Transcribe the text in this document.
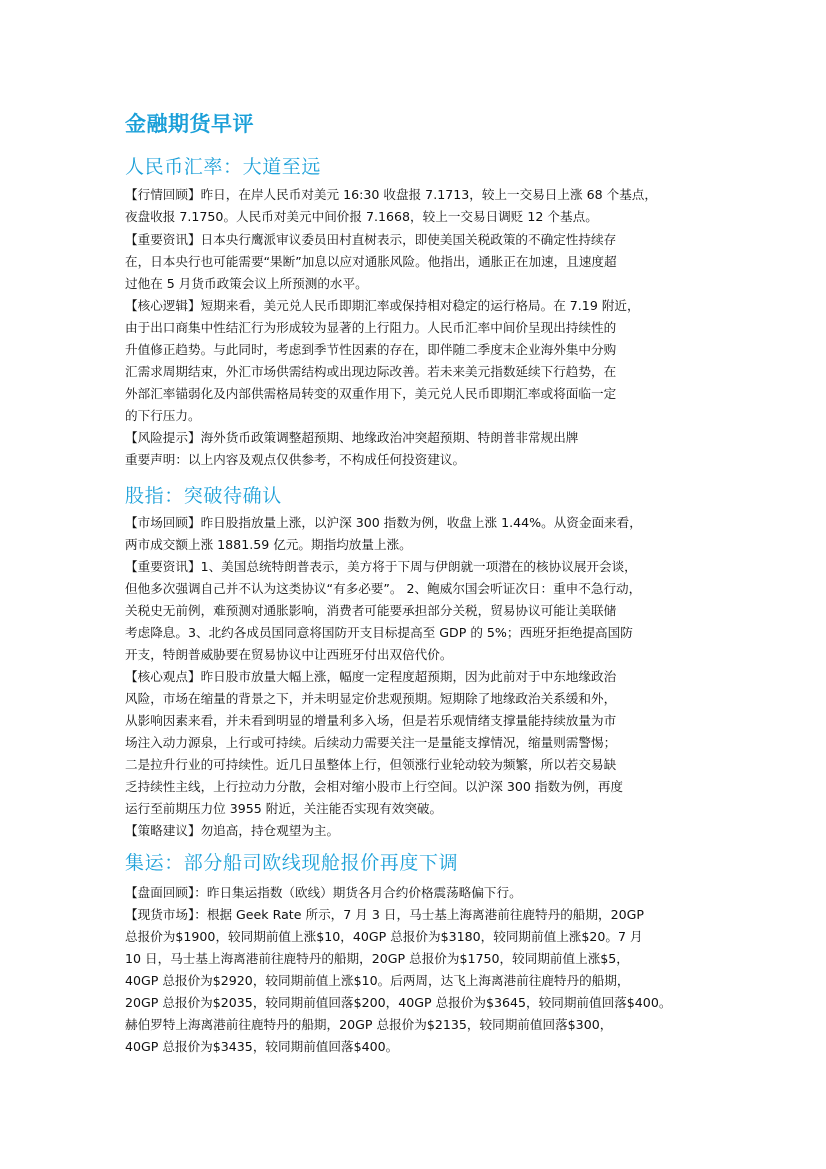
金融期货早评
人民币汇率：大道至远
【行情回顾】昨日，在岸人民币对美元 16:30 收盘报 7.1713，较上一交易日上涨 68 个基点，
夜盘收报 7.1750。人民币对美元中间价报 7.1668，较上一交易日调贬 12 个基点。
【重要资讯】日本央行鹰派审议委员田村直树表示，即使美国关税政策的不确定性持续存
在，日本央行也可能需要“果断”加息以应对通胀风险。他指出，通胀正在加速，且速度超
过他在 5 月货币政策会议上所预测的水平。
【核心逻辑】短期来看，美元兑人民币即期汇率或保持相对稳定的运行格局。在 7.19 附近，
由于出口商集中性结汇行为形成较为显著的上行阻力。人民币汇率中间价呈现出持续性的
升值修正趋势。与此同时，考虑到季节性因素的存在，即伴随二季度末企业海外集中分购
汇需求周期结束，外汇市场供需结构或出现边际改善。若未来美元指数延续下行趋势，在
外部汇率锚弱化及内部供需格局转变的双重作用下，美元兑人民币即期汇率或将面临一定
的下行压力。
【风险提示】海外货币政策调整超预期、地缘政治冲突超预期、特朗普非常规出牌
重要声明：以上内容及观点仅供参考，不构成任何投资建议。
股指：突破待确认
【市场回顾】昨日股指放量上涨，以沪深 300 指数为例，收盘上涨 1.44%。从资金面来看，
两市成交额上涨 1881.59 亿元。期指均放量上涨。
【重要资讯】1、美国总统特朗普表示，美方将于下周与伊朗就一项潜在的核协议展开会谈，
但他多次强调自己并不认为这类协议“有多必要”。 2、鲍威尔国会听证次日：重申不急行动，
关税史无前例，难预测对通胀影响，消费者可能要承担部分关税，贸易协议可能让美联储
考虑降息。3、北约各成员国同意将国防开支目标提高至 GDP 的 5%；西班牙拒绝提高国防
开支，特朗普威胁要在贸易协议中让西班牙付出双倍代价。
【核心观点】昨日股市放量大幅上涨，幅度一定程度超预期，因为此前对于中东地缘政治
风险，市场在缩量的背景之下，并未明显定价悲观预期。短期除了地缘政治关系缓和外，
从影响因素来看，并未看到明显的增量利多入场，但是若乐观情绪支撑量能持续放量为市
场注入动力源泉，上行或可持续。后续动力需要关注一是量能支撑情况，缩量则需警惕；
二是拉升行业的可持续性。近几日虽整体上行，但领涨行业轮动较为频繁，所以若交易缺
乏持续性主线，上行拉动力分散，会相对缩小股市上行空间。以沪深 300 指数为例，再度
运行至前期压力位 3955 附近，关注能否实现有效突破。
【策略建议】勿追高，持仓观望为主。
集运：部分船司欧线现舱报价再度下调
【盘面回顾】：昨日集运指数（欧线）期货各月合约价格震荡略偏下行。
【现货市场】：根据 Geek Rate 所示，7 月 3 日，马士基上海离港前往鹿特丹的船期，20GP
总报价为$1900，较同期前值上涨$10，40GP 总报价为$3180，较同期前值上涨$20。7 月
10 日，马士基上海离港前往鹿特丹的船期，20GP 总报价为$1750，较同期前值上涨$5，
40GP 总报价为$2920，较同期前值上涨$10。后两周，达飞上海离港前往鹿特丹的船期，
20GP 总报价为$2035，较同期前值回落$200，40GP 总报价为$3645，较同期前值回落$400。
赫伯罗特上海离港前往鹿特丹的船期，20GP 总报价为$2135，较同期前值回落$300，
40GP 总报价为$3435，较同期前值回落$400。
